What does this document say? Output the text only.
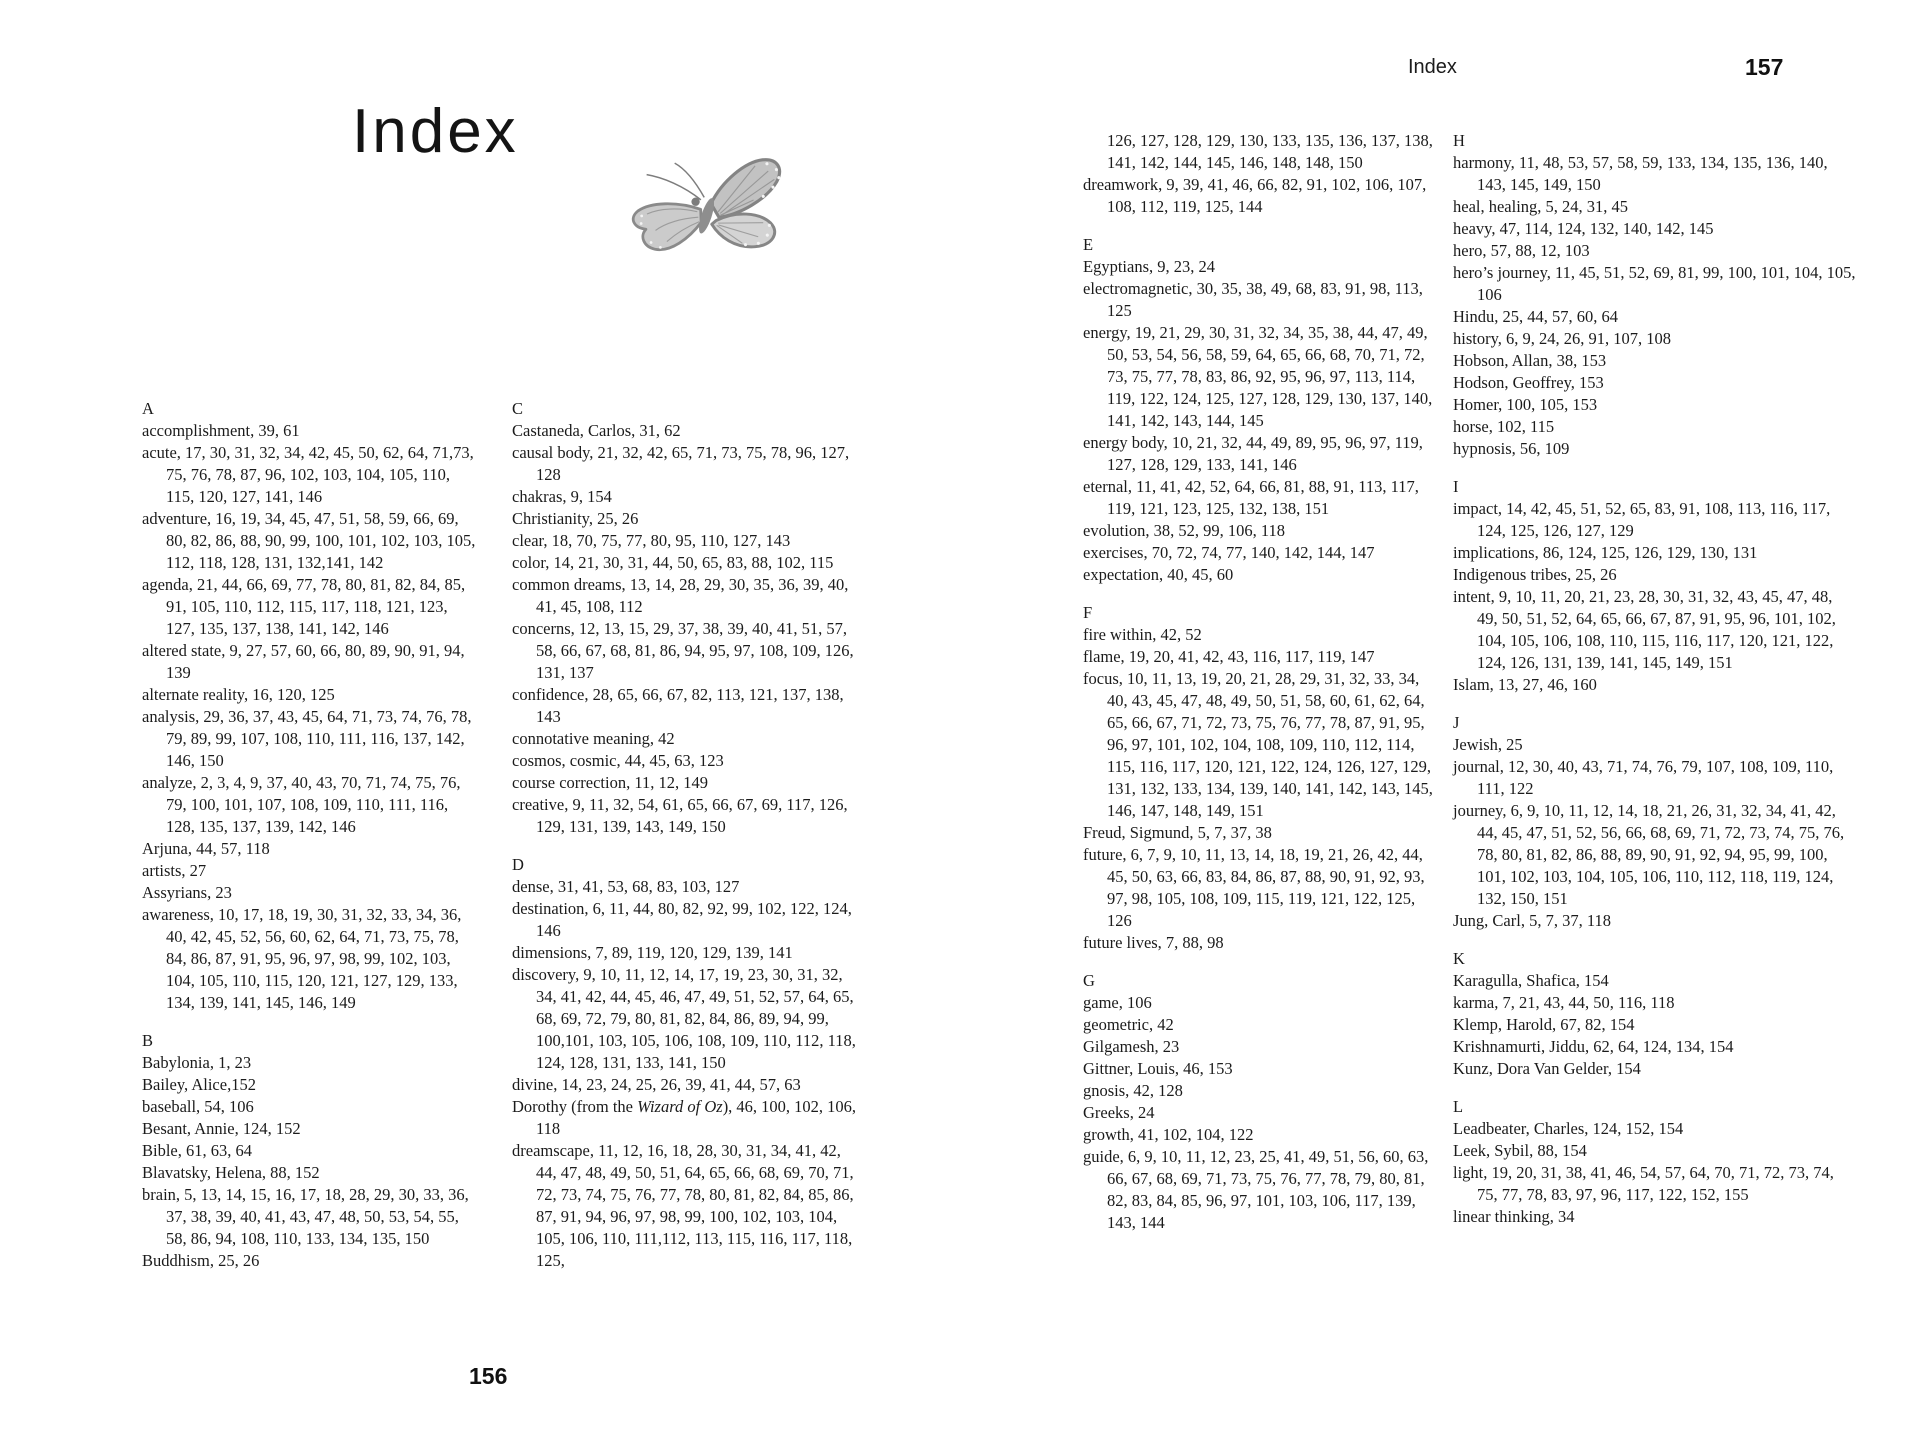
Index
A
accomplishment, 39, 61
acute, 17, 30, 31, 32, 34, 42, 45, 50, 62, 64, 71,73, 75, 76, 78, 87, 96, 102, 103, 104, 105, 110, 115, 120, 127, 141, 146
adventure, 16, 19, 34, 45, 47, 51, 58, 59, 66, 69, 80, 82, 86, 88, 90, 99, 100, 101, 102, 103, 105, 112, 118, 128, 131, 132,141, 142
agenda, 21, 44, 66, 69, 77, 78, 80, 81, 82, 84, 85, 91, 105, 110, 112, 115, 117, 118, 121, 123, 127, 135, 137, 138, 141, 142, 146
altered state, 9, 27, 57, 60, 66, 80, 89, 90, 91, 94, 139
alternate reality, 16, 120, 125
analysis, 29, 36, 37, 43, 45, 64, 71, 73, 74, 76, 78, 79, 89, 99, 107, 108, 110, 111, 116, 137, 142, 146, 150
analyze, 2, 3, 4, 9, 37, 40, 43, 70, 71, 74, 75, 76, 79, 100, 101, 107, 108, 109, 110, 111, 116, 128, 135, 137, 139, 142, 146
Arjuna, 44, 57, 118
artists, 27
Assyrians, 23
awareness, 10, 17, 18, 19, 30, 31, 32, 33, 34, 36, 40, 42, 45, 52, 56, 60, 62, 64, 71, 73, 75, 78, 84, 86, 87, 91, 95, 96, 97, 98, 99, 102, 103, 104, 105, 110, 115, 120, 121, 127, 129, 133, 134, 139, 141, 145, 146, 149
B
Babylonia, 1, 23
Bailey, Alice,152
baseball, 54, 106
Besant, Annie, 124, 152
Bible, 61, 63, 64
Blavatsky, Helena, 88, 152
brain, 5, 13, 14, 15, 16, 17, 18, 28, 29, 30, 33, 36, 37, 38, 39, 40, 41, 43, 47, 48, 50, 53, 54, 55, 58, 86, 94, 108, 110, 133, 134, 135, 150
Buddhism, 25, 26
C
Castaneda, Carlos, 31, 62
causal body, 21, 32, 42, 65, 71, 73, 75, 78, 96, 127, 128
chakras, 9, 154
Christianity, 25, 26
clear, 18, 70, 75, 77, 80, 95, 110, 127, 143
color, 14, 21, 30, 31, 44, 50, 65, 83, 88, 102, 115
common dreams, 13, 14, 28, 29, 30, 35, 36, 39, 40, 41, 45, 108, 112
concerns, 12, 13, 15, 29, 37, 38, 39, 40, 41, 51, 57, 58, 66, 67, 68, 81, 86, 94, 95, 97, 108, 109, 126, 131, 137
confidence, 28, 65, 66, 67, 82, 113, 121, 137, 138, 143
connotative meaning, 42
cosmos, cosmic, 44, 45, 63, 123
course correction, 11, 12, 149
creative, 9, 11, 32, 54, 61, 65, 66, 67, 69, 117, 126, 129, 131, 139, 143, 149, 150
D
dense, 31, 41, 53, 68, 83, 103, 127
destination, 6, 11, 44, 80, 82, 92, 99, 102, 122, 124, 146
dimensions, 7, 89, 119, 120, 129, 139, 141
discovery, 9, 10, 11, 12, 14, 17, 19, 23, 30, 31, 32, 34, 41, 42, 44, 45, 46, 47, 49, 51, 52, 57, 64, 65, 68, 69, 72, 79, 80, 81, 82, 84, 86, 89, 94, 99, 100,101, 103, 105, 106, 108, 109, 110, 112, 118, 124, 128, 131, 133, 141, 150
divine, 14, 23, 24, 25, 26, 39, 41, 44, 57, 63
Dorothy (from the Wizard of Oz), 46, 100, 102, 106, 118
dreamscape, 11, 12, 16, 18, 28, 30, 31, 34, 41, 42, 44, 47, 48, 49, 50, 51, 64, 65, 66, 68, 69, 70, 71, 72, 73, 74, 75, 76, 77, 78, 80, 81, 82, 84, 85, 86, 87, 91, 94, 96, 97, 98, 99, 100, 102, 103, 104, 105, 106, 110, 111,112, 113, 115, 116, 117, 118, 125,
156
Index	157
126, 127, 128, 129, 130, 133, 135, 136, 137, 138, 141, 142, 144, 145, 146, 148, 148, 150
dreamwork, 9, 39, 41, 46, 66, 82, 91, 102, 106, 107, 108, 112, 119, 125, 144
E
Egyptians, 9, 23, 24
electromagnetic, 30, 35, 38, 49, 68, 83, 91, 98, 113, 125
energy, 19, 21, 29, 30, 31, 32, 34, 35, 38, 44, 47, 49, 50, 53, 54, 56, 58, 59, 64, 65, 66, 68, 70, 71, 72, 73, 75, 77, 78, 83, 86, 92, 95, 96, 97, 113, 114, 119, 122, 124, 125, 127, 128, 129, 130, 137, 140, 141, 142, 143, 144, 145
energy body, 10, 21, 32, 44, 49, 89, 95, 96, 97, 119, 127, 128, 129, 133, 141, 146
eternal, 11, 41, 42, 52, 64, 66, 81, 88, 91, 113, 117, 119, 121, 123, 125, 132, 138, 151
evolution, 38, 52, 99, 106, 118
exercises, 70, 72, 74, 77, 140, 142, 144, 147
expectation, 40, 45, 60
F
fire within, 42, 52
flame, 19, 20, 41, 42, 43, 116, 117, 119, 147
focus, 10, 11, 13, 19, 20, 21, 28, 29, 31, 32, 33, 34, 40, 43, 45, 47, 48, 49, 50, 51, 58, 60, 61, 62, 64, 65, 66, 67, 71, 72, 73, 75, 76, 77, 78, 87, 91, 95, 96, 97, 101, 102, 104, 108, 109, 110, 112, 114, 115, 116, 117, 120, 121, 122, 124, 126, 127, 129, 131, 132, 133, 134, 139, 140, 141, 142, 143, 145, 146, 147, 148, 149, 151
Freud, Sigmund, 5, 7, 37, 38
future, 6, 7, 9, 10, 11, 13, 14, 18, 19, 21, 26, 42, 44, 45, 50, 63, 66, 83, 84, 86, 87, 88, 90, 91, 92, 93, 97, 98, 105, 108, 109, 115, 119, 121, 122, 125, 126
future lives, 7, 88, 98
G
game, 106
geometric, 42
Gilgamesh, 23
Gittner, Louis, 46, 153
gnosis, 42, 128
Greeks, 24
growth, 41, 102, 104, 122
guide, 6, 9, 10, 11, 12, 23, 25, 41, 49, 51, 56, 60, 63, 66, 67, 68, 69, 71, 73, 75, 76, 77, 78, 79, 80, 81, 82, 83, 84, 85, 96, 97, 101, 103, 106, 117, 139, 143, 144
H
harmony, 11, 48, 53, 57, 58, 59, 133, 134, 135, 136, 140, 143, 145, 149, 150
heal, healing, 5, 24, 31, 45
heavy, 47, 114, 124, 132, 140, 142, 145
hero, 57, 88, 12, 103
hero’s journey, 11, 45, 51, 52, 69, 81, 99, 100, 101, 104, 105, 106
Hindu, 25, 44, 57, 60, 64
history, 6, 9, 24, 26, 91, 107, 108
Hobson, Allan, 38, 153
Hodson, Geoffrey, 153
Homer, 100, 105, 153
horse, 102, 115
hypnosis, 56, 109
I
impact, 14, 42, 45, 51, 52, 65, 83, 91, 108, 113, 116, 117, 124, 125, 126, 127, 129
implications, 86, 124, 125, 126, 129, 130, 131
Indigenous tribes, 25, 26
intent, 9, 10, 11, 20, 21, 23, 28, 30, 31, 32, 43, 45, 47, 48, 49, 50, 51, 52, 64, 65, 66, 67, 87, 91, 95, 96, 101, 102, 104, 105, 106, 108, 110, 115, 116, 117, 120, 121, 122, 124, 126, 131, 139, 141, 145, 149, 151
Islam, 13, 27, 46, 160
J
Jewish, 25
journal, 12, 30, 40, 43, 71, 74, 76, 79, 107, 108, 109, 110, 111, 122
journey, 6, 9, 10, 11, 12, 14, 18, 21, 26, 31, 32, 34, 41, 42, 44, 45, 47, 51, 52, 56, 66, 68, 69, 71, 72, 73, 74, 75, 76, 78, 80, 81, 82, 86, 88, 89, 90, 91, 92, 94, 95, 99, 100, 101, 102, 103, 104, 105, 106, 110, 112, 118, 119, 124, 132, 150, 151
Jung, Carl, 5, 7, 37, 118
K
Karagulla, Shafica, 154
karma, 7, 21, 43, 44, 50, 116, 118
Klemp, Harold, 67, 82, 154
Krishnamurti, Jiddu, 62, 64, 124, 134, 154
Kunz, Dora Van Gelder, 154
L
Leadbeater, Charles, 124, 152, 154
Leek, Sybil, 88, 154
light, 19, 20, 31, 38, 41, 46, 54, 57, 64, 70, 71, 72, 73, 74, 75, 77, 78, 83, 97, 96, 117, 122, 152, 155
linear thinking, 34
